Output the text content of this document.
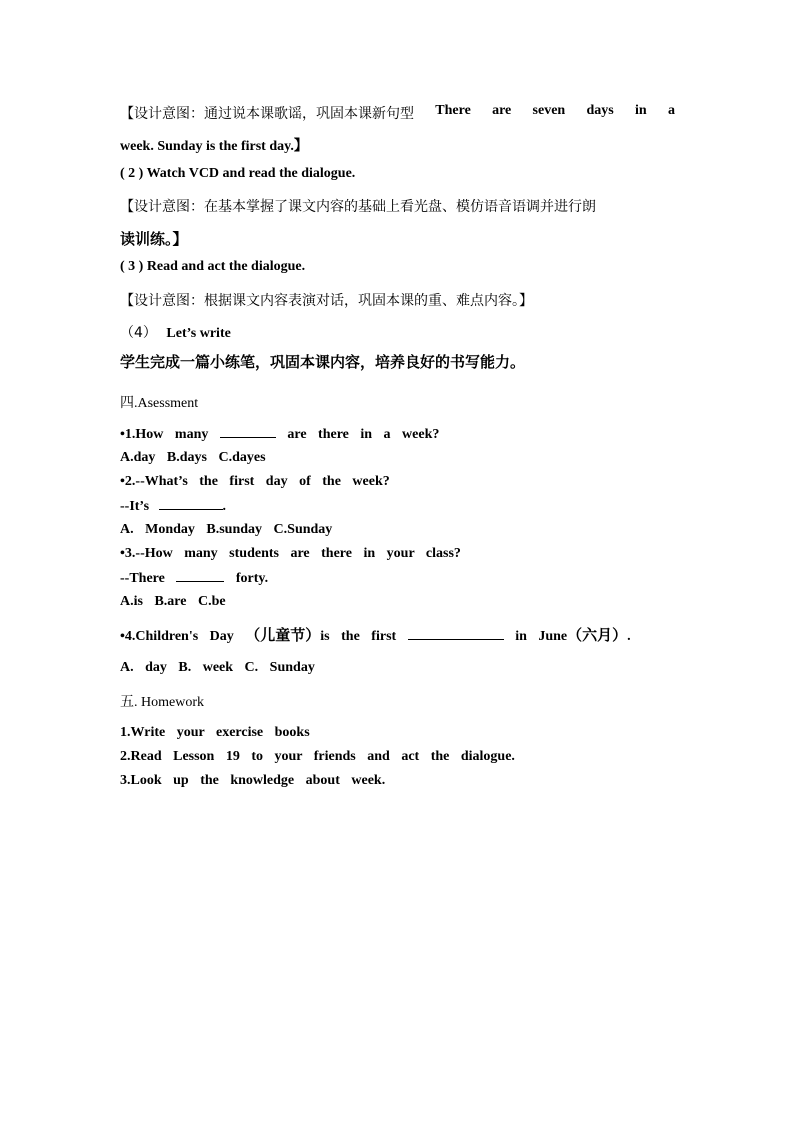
【设计意图：通过说本课歌谣，巩固本课新句型 There are seven days in a
week. Sunday is the first day.】
( 2 ) Watch VCD and read the dialogue.
【设计意图：在基本掌握了课文内容的基础上看光盘、模仿语音语调并进行朗
读训练。】
( 3 ) Read and act the dialogue.
【设计意图：根据课文内容表演对话，巩固本课的重、难点内容。】
（4） Let’s write
学生完成一篇小练笔，巩固本课内容，培养良好的书写能力。
四.Asessment
•1.How many	are there in a week?
A.day B.days C.dayes
•2.--What’s the first day of the week?
--It’s	.
A. Monday B.sunday C.Sunday
•3.--How many students are there in your class?
--There	forty.
A.is B.are C.be
•4.Children's Day （儿童节）is the first	in June（六月）.
A. day B. week C. Sunday
五. Homework
1.Write your exercise books
2.Read Lesson 19 to your friends and act the dialogue.
3.Look up the knowledge about week.
